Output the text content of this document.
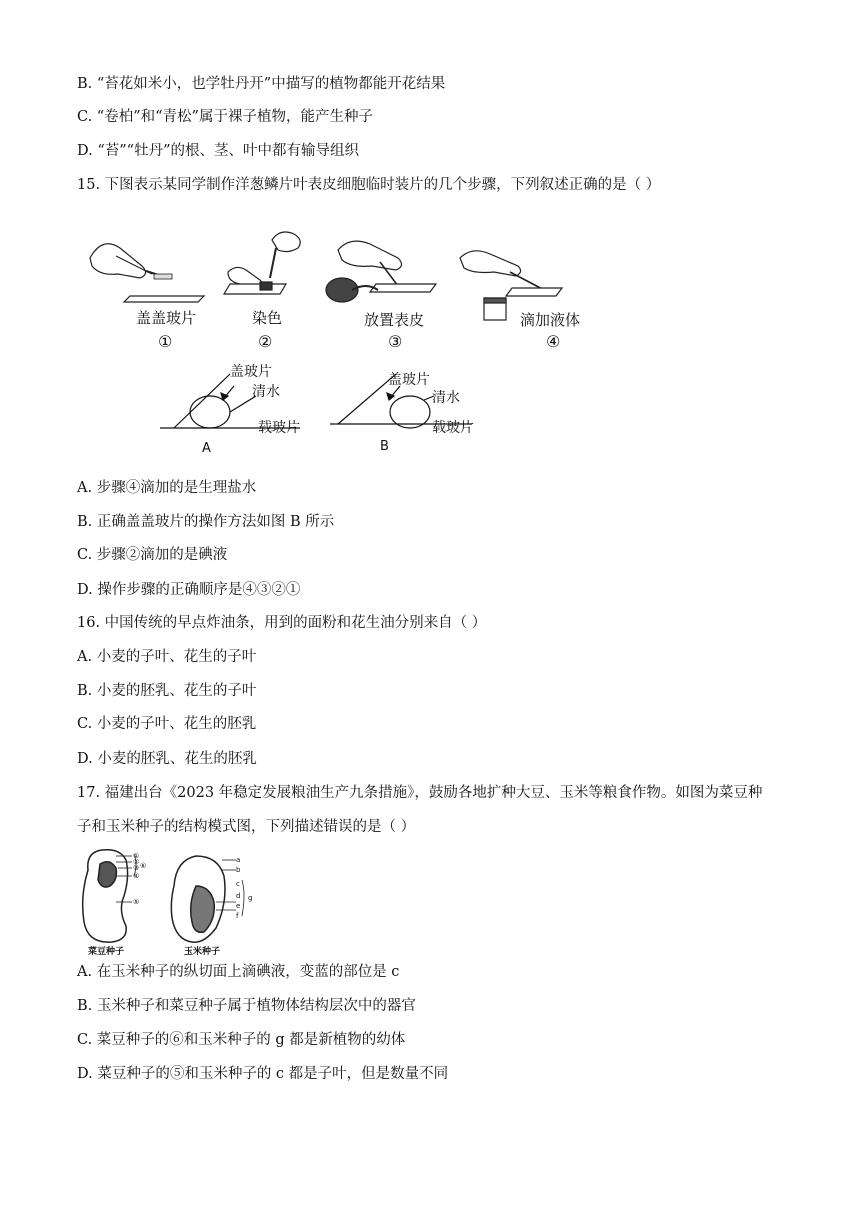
B. “苔花如米小，也学牡丹开”中描写的植物都能开花结果
C. “卷柏”和“青松”属于裸子植物，能产生种子
D. “苔”“牡丹”的根、茎、叶中都有输导组织
15. 下图表示某同学制作洋葱鳞片叶表皮细胞临时装片的几个步骤，下列叙述正确的是（ ）
盖盖玻片
①
染色
②
放置表皮
③
滴加液体
④
盖玻片
清水
载玻片
A
盖玻片
清水
载玻片
B
A. 步骤④滴加的是生理盐水
B. 正确盖盖玻片的操作方法如图 B 所示
C. 步骤②滴加的是碘液
D. 操作步骤的正确顺序是④③②①
16. 中国传统的早点炸油条，用到的面粉和花生油分别来自（ ）
A. 小麦的子叶、花生的子叶
B. 小麦的胚乳、花生的子叶
C. 小麦的子叶、花生的胚乳
D. 小麦的胚乳、花生的胚乳
17. 福建出台《2023 年稳定发展粮油生产九条措施》，鼓励各地扩种大豆、玉米等粮食作物。如图为菜豆种
子和玉米种子的结构模式图，下列描述错误的是（ ）
①
②
③
④
⑤
⑥
菜豆种子
a
b
c
d
e
f
g
玉米种子
A. 在玉米种子的纵切面上滴碘液，变蓝的部位是 c
B. 玉米种子和菜豆种子属于植物体结构层次中的器官
C. 菜豆种子的⑥和玉米种子的 g 都是新植物的幼体
D. 菜豆种子的⑤和玉米种子的 c 都是子叶，但是数量不同
